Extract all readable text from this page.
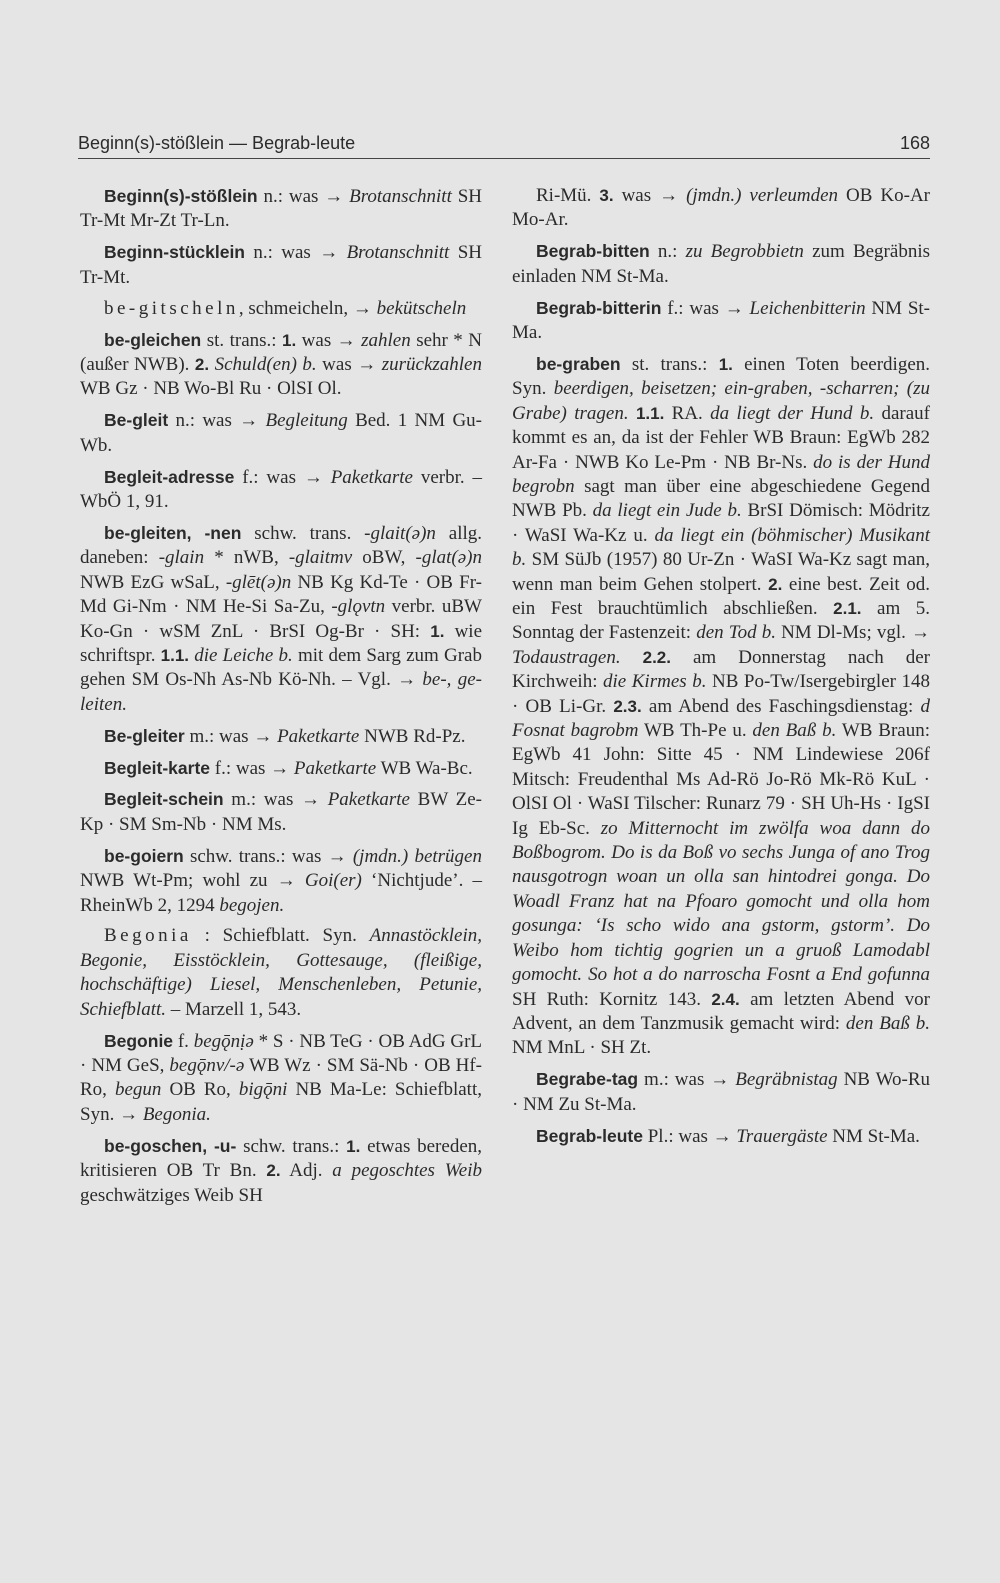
Beginn(s)-stößlein — Begrab-leute	168

Beginn(s)-stößlein n.: was → Brotanschnitt SH Tr-Mt Mr-Zt Tr-Ln.

Beginn-stücklein n.: was → Brotanschnitt SH Tr-Mt.

be-gitscheln, schmeicheln, → bekütscheln

be-gleichen st. trans.: 1. was → zahlen sehr * N (außer NWB). 2. Schuld(en) b. was → zurückzahlen WB Gz · NB Wo-Bl Ru · OlSI Ol.

Be-gleit n.: was → Begleitung Bed. 1 NM Gu-Wb.

Begleit-adresse f.: was → Paketkarte verbr. – WbÖ 1, 91.

be-gleiten, -nen schw. trans. -glait(ə)n allg. daneben: -glain * nWB, -glaitmv oBW, -glat(ə)n NWB EzG wSaL, -glēt(ə)n NB Kg Kd-Te · OB Fr-Md Gi-Nm · NM He-Si Sa-Zu, -glǫvtn verbr. uBW Ko-Gn · wSM ZnL · BrSI Og-Br · SH: 1. wie schriftspr. 1.1. die Leiche b. mit dem Sarg zum Grab gehen SM Os-Nh As-Nb Kö-Nh. – Vgl. → be-, ge-leiten.

Be-gleiter m.: was → Paketkarte NWB Rd-Pz.

Begleit-karte f.: was → Paketkarte WB Wa-Bc.

Begleit-schein m.: was → Paketkarte BW Ze-Kp · SM Sm-Nb · NM Ms.

be-goiern schw. trans.: was → (jmdn.) betrügen NWB Wt-Pm; wohl zu → Goi(er) ‘Nichtjude’. – RheinWb 2, 1294 begojen.

Begonia : Schiefblatt. Syn. Annastöcklein, Begonie, Eisstöcklein, Gottesauge, (fleißige, hochschäftige) Liesel, Menschenleben, Petunie, Schiefblatt. – Marzell 1, 543.

Begonie f. begǭnịə * S · NB TeG · OB AdG GrL · NM GeS, begǭnv/-ə WB Wz · SM Sä-Nb · OB Hf-Ro, begun OB Ro, bigǭni NB Ma-Le: Schiefblatt, Syn. → Begonia.

be-goschen, -u- schw. trans.: 1. etwas bereden, kritisieren OB Tr Bn. 2. Adj. a pegoschtes Weib geschwätziges Weib SH

Ri-Mü. 3. was → (jmdn.) verleumden OB Ko-Ar Mo-Ar.

Begrab-bitten n.: zu Begrobbietn zum Begräbnis einladen NM St-Ma.

Begrab-bitterin f.: was → Leichenbitterin NM St-Ma.

be-graben st. trans.: 1. einen Toten beerdigen. Syn. beerdigen, beisetzen; ein-graben, -scharren; (zu Grabe) tragen. 1.1. RA. da liegt der Hund b. darauf kommt es an, da ist der Fehler WB Braun: EgWb 282 Ar-Fa · NWB Ko Le-Pm · NB Br-Ns. do is der Hund begrobn sagt man über eine abgeschiedene Gegend NWB Pb. da liegt ein Jude b. BrSI Dömisch: Mödritz · WaSI Wa-Kz u. da liegt ein (böhmischer) Musikant b. SM SüJb (1957) 80 Ur-Zn · WaSI Wa-Kz sagt man, wenn man beim Gehen stolpert. 2. eine best. Zeit od. ein Fest brauchtümlich abschließen. 2.1. am 5. Sonntag der Fastenzeit: den Tod b. NM Dl-Ms; vgl. → Todaustragen. 2.2. am Donnerstag nach der Kirchweih: die Kirmes b. NB Po-Tw/Isergebirgler 148 · OB Li-Gr. 2.3. am Abend des Faschingsdienstag: d Fosnat bagrobm WB Th-Pe u. den Baß b. WB Braun: EgWb 41 John: Sitte 45 · NM Lindewiese 206f Mitsch: Freudenthal Ms Ad-Rö Jo-Rö Mk-Rö KuL · OlSI Ol · WaSI Tilscher: Runarz 79 · SH Uh-Hs · IgSI Ig Eb-Sc. zo Mitternocht im zwölfa woa dann do Boßbogrom. Do is da Boß vo sechs Junga of ano Trog nausgotrogn woan un olla san hintodrei gonga. Do Woadl Franz hat na Pfoaro gomocht und olla hom gosunga: ‘Is scho wido ana gstorm, gstorm’. Do Weibo hom tichtig gogrien un a gruoß Lamodabl gomocht. So hot a do narroscha Fosnt a End gofunna SH Ruth: Kornitz 143. 2.4. am letzten Abend vor Advent, an dem Tanzmusik gemacht wird: den Baß b. NM MnL · SH Zt.

Begrabe-tag m.: was → Begräbnistag NB Wo-Ru · NM Zu St-Ma.

Begrab-leute Pl.: was → Trauergäste NM St-Ma.
